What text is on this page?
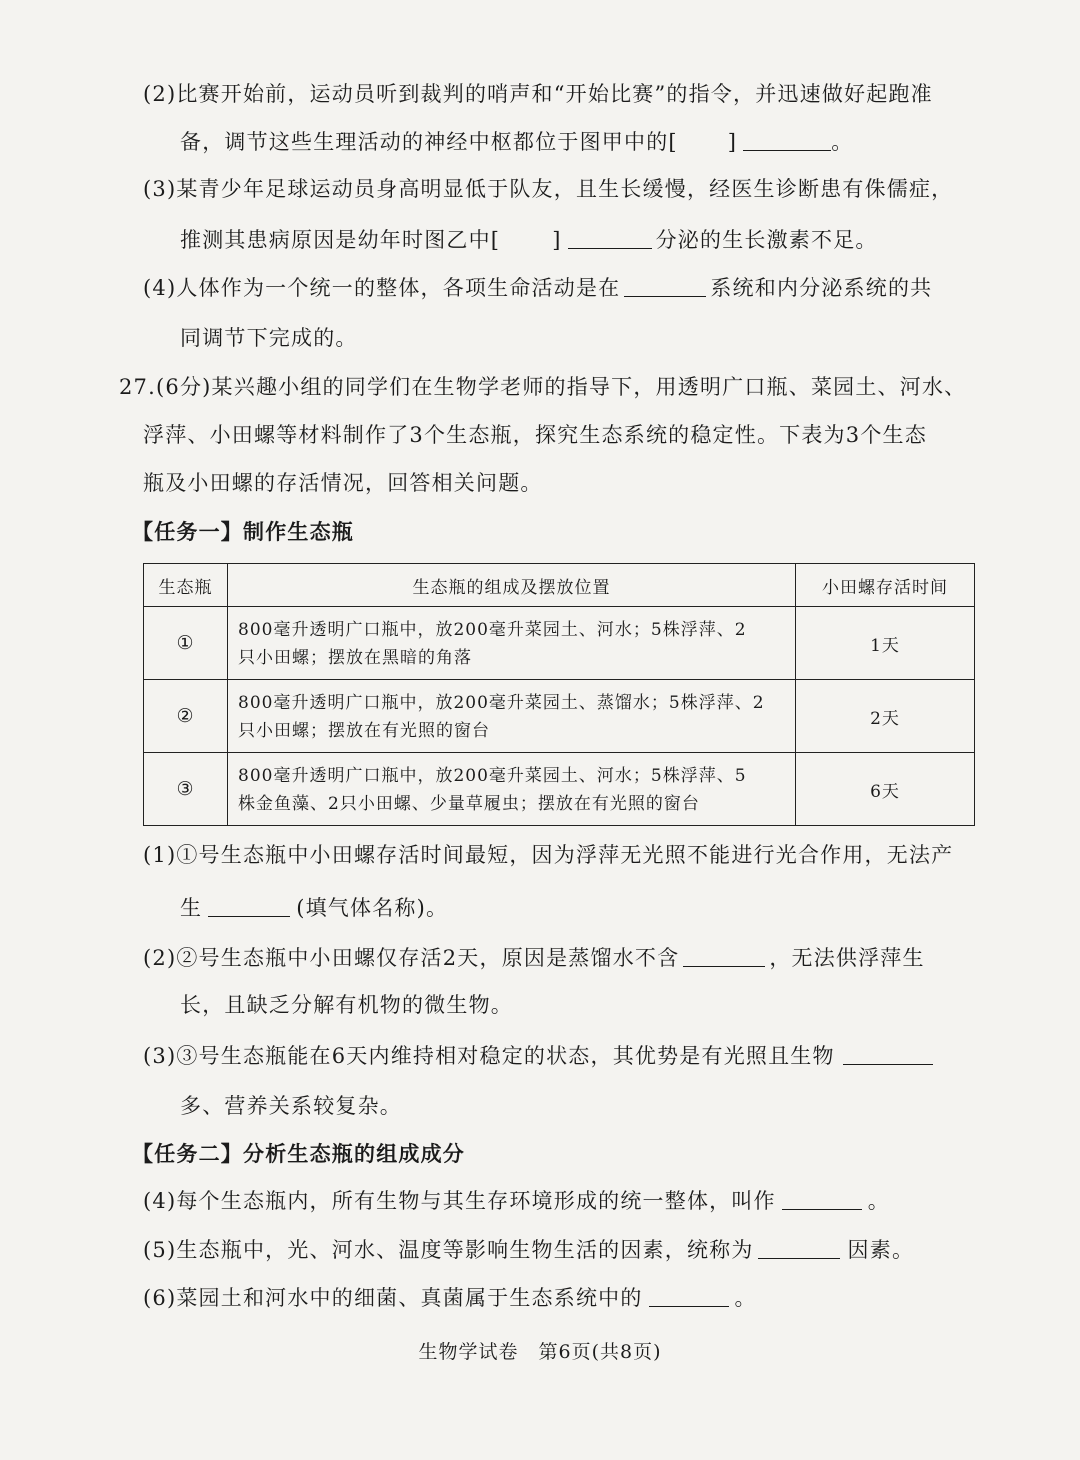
(2)比赛开始前，运动员听到裁判的哨声和“开始比赛”的指令，并迅速做好起跑准
备，调节这些生理活动的神经中枢都位于图甲中的[ ]	。
(3)某青少年足球运动员身高明显低于队友，且生长缓慢，经医生诊断患有侏儒症，
推测其患病原因是幼年时图乙中[ ]	分泌的生长激素不足。
(4)人体作为一个统一的整体，各项生命活动是在	系统和内分泌系统的共
同调节下完成的。
27.(6分)某兴趣小组的同学们在生物学老师的指导下，用透明广口瓶、菜园土、河水、
浮萍、小田螺等材料制作了3个生态瓶，探究生态系统的稳定性。下表为3个生态
瓶及小田螺的存活情况，回答相关问题。
【任务一】制作生态瓶
生态瓶	生态瓶的组成及摆放位置	小田螺存活时间
①	800毫升透明广口瓶中，放200毫升菜园土、河水；5株浮萍、2
只小田螺；摆放在黑暗的角落	1天
②	800毫升透明广口瓶中，放200毫升菜园土、蒸馏水；5株浮萍、2
只小田螺；摆放在有光照的窗台	2天
③	800毫升透明广口瓶中，放200毫升菜园土、河水；5株浮萍、5
株金鱼藻、2只小田螺、少量草履虫；摆放在有光照的窗台	6天
(1)①号生态瓶中小田螺存活时间最短，因为浮萍无光照不能进行光合作用，无法产
生	(填气体名称)。
(2)②号生态瓶中小田螺仅存活2天，原因是蒸馏水不含	，无法供浮萍生
长，且缺乏分解有机物的微生物。
(3)③号生态瓶能在6天内维持相对稳定的状态，其优势是有光照且生物
多、营养关系较复杂。
【任务二】分析生态瓶的组成成分
(4)每个生态瓶内，所有生物与其生存环境形成的统一整体，叫作	。
(5)生态瓶中，光、河水、温度等影响生物生活的因素，统称为	因素。
(6)菜园土和河水中的细菌、真菌属于生态系统中的	。
生物学试卷　第6页(共8页)
